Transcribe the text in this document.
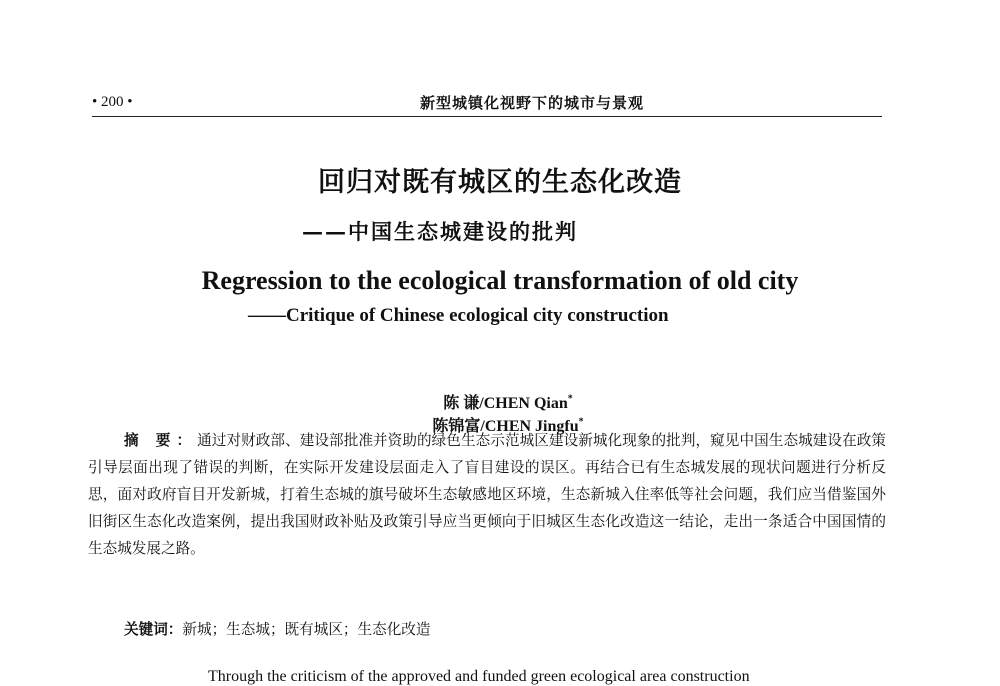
• 200 •	新型城镇化视野下的城市与景观
回归对既有城区的生态化改造
——中国生态城建设的批判
Regression to the ecological transformation of old city
——Critique of Chinese ecological city construction

陈 谦/CHEN Qian*
陈锦富/CHEN Jingfu*

摘 要：通过对财政部、建设部批准并资助的绿色生态示范城区建设新城化现象的批判，窥见中国生态城建设在政策引导层面出现了错误的判断，在实际开发建设层面走入了盲目建设的误区。再结合已有生态城发展的现状问题进行分析反思，面对政府盲目开发新城，打着生态城的旗号破坏生态敏感地区环境，生态新城入住率低等社会问题，我们应当借鉴国外旧街区生态化改造案例，提出我国财政补贴及政策引导应当更倾向于旧城区生态化改造这一结论，走出一条适合中国国情的生态城发展之路。

关键词：新城；生态城；既有城区；生态化改造
Through the criticism of the approved and funded green ecological area construction
